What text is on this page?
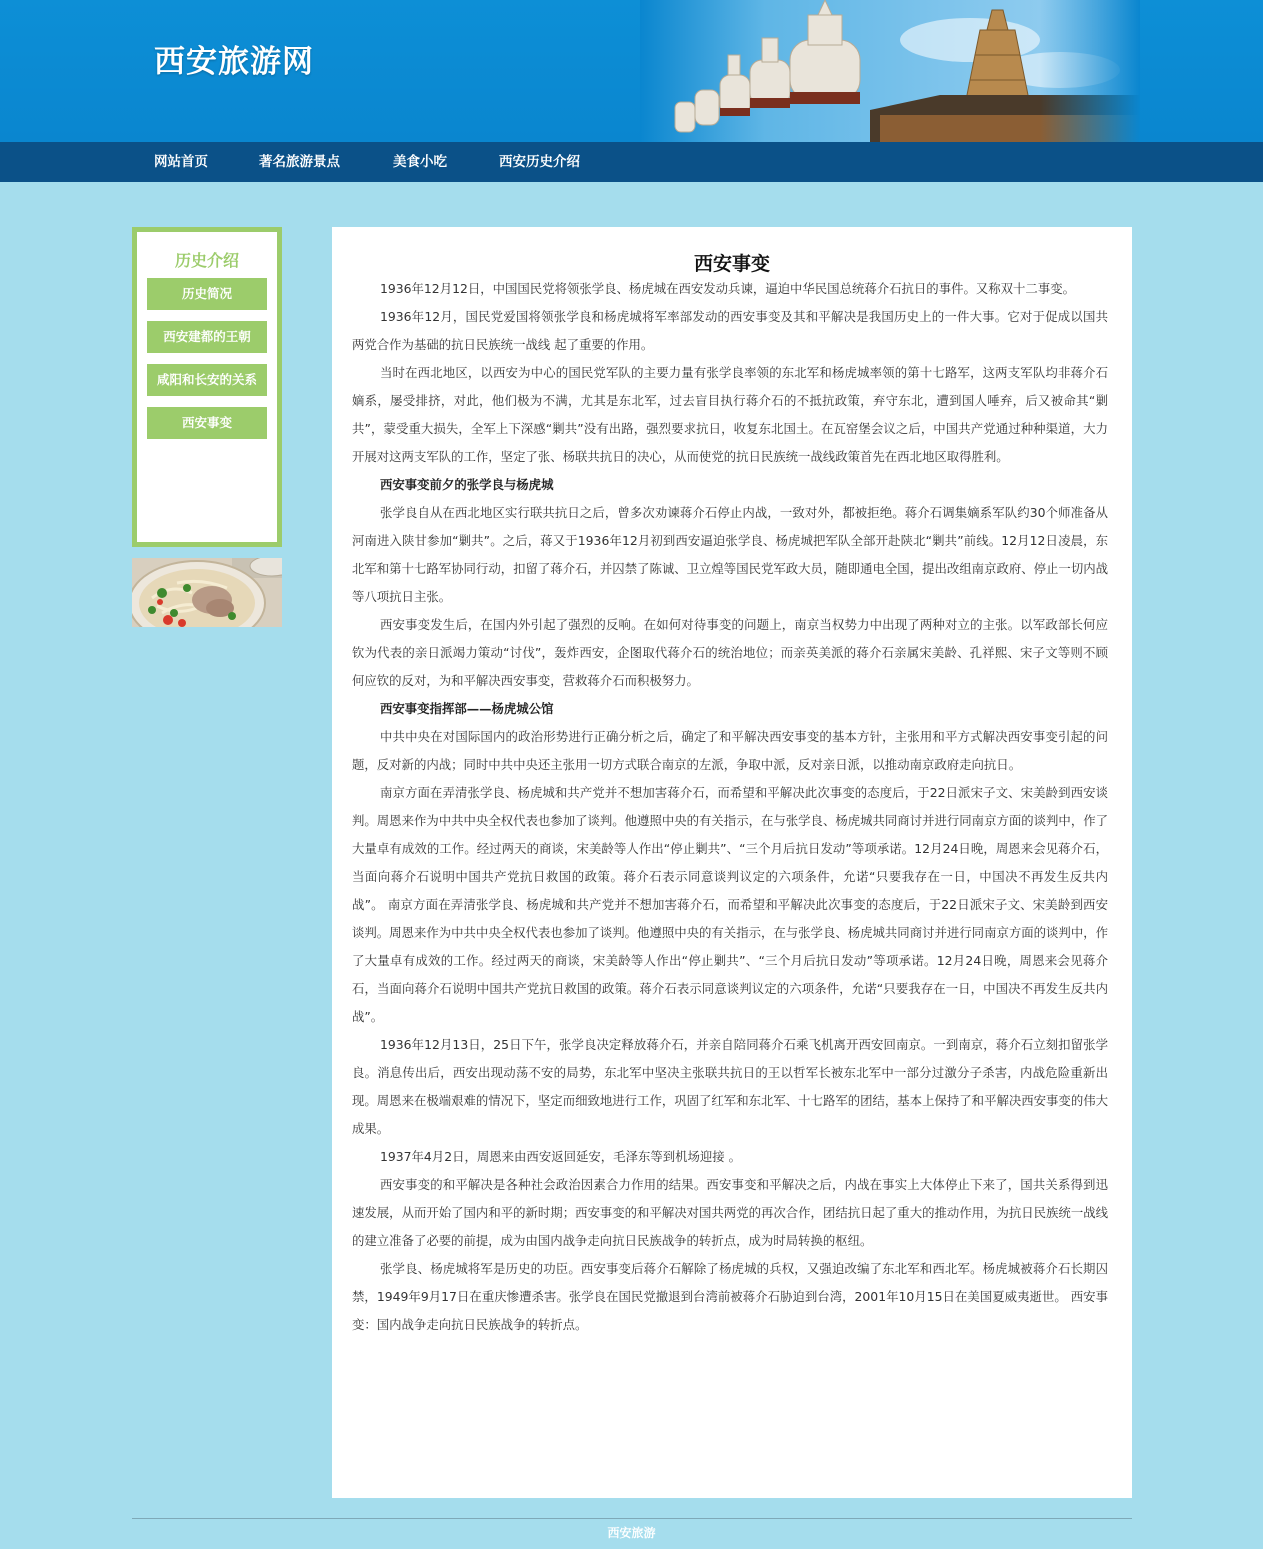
西安旅游网
网站首页	著名旅游景点	美食小吃	西安历史介绍
历史介绍
历史简况
西安建都的王朝
咸阳和长安的关系
西安事变
西安事变

1936年12月12日，中国国民党将领张学良、杨虎城在西安发动兵谏，逼迫中华民国总统蒋介石抗日的事件。又称双十二事变。

1936年12月，国民党爱国将领张学良和杨虎城将军率部发动的西安事变及其和平解决是我国历史上的一件大事。它对于促成以国共两党合作为基础的抗日民族统一战线 起了重要的作用。

当时在西北地区，以西安为中心的国民党军队的主要力量有张学良率领的东北军和杨虎城率领的第十七路军，这两支军队均非蒋介石嫡系，屡受排挤，对此，他们极为不满，尤其是东北军，过去盲目执行蒋介石的不抵抗政策，弃守东北，遭到国人唾弃，后又被命其“剿共”，蒙受重大损失，全军上下深感“剿共”没有出路，强烈要求抗日，收复东北国土。在瓦窑堡会议之后，中国共产党通过种种渠道，大力开展对这两支军队的工作，坚定了张、杨联共抗日的决心，从而使党的抗日民族统一战线政策首先在西北地区取得胜利。

西安事变前夕的张学良与杨虎城

张学良自从在西北地区实行联共抗日之后，曾多次劝谏蒋介石停止内战，一致对外，都被拒绝。蒋介石调集嫡系军队约30个师准备从河南进入陕甘参加“剿共”。之后，蒋又于1936年12月初到西安逼迫张学良、杨虎城把军队全部开赴陕北“剿共”前线。12月12日凌晨，东北军和第十七路军协同行动，扣留了蒋介石，并囚禁了陈诚、卫立煌等国民党军政大员，随即通电全国，提出改组南京政府、停止一切内战等八项抗日主张。

西安事变发生后，在国内外引起了强烈的反响。在如何对待事变的问题上，南京当权势力中出现了两种对立的主张。以军政部长何应钦为代表的亲日派竭力策动“讨伐”，轰炸西安，企图取代蒋介石的统治地位；而亲英美派的蒋介石亲属宋美龄、孔祥熙、宋子文等则不顾何应钦的反对，为和平解决西安事变，营救蒋介石而积极努力。

西安事变指挥部——杨虎城公馆

中共中央在对国际国内的政治形势进行正确分析之后，确定了和平解决西安事变的基本方针，主张用和平方式解决西安事变引起的问题，反对新的内战；同时中共中央还主张用一切方式联合南京的左派，争取中派，反对亲日派，以推动南京政府走向抗日。

南京方面在弄清张学良、杨虎城和共产党并不想加害蒋介石，而希望和平解决此次事变的态度后，于22日派宋子文、宋美龄到西安谈判。周恩来作为中共中央全权代表也参加了谈判。他遵照中央的有关指示，在与张学良、杨虎城共同商讨并进行同南京方面的谈判中，作了大量卓有成效的工作。经过两天的商谈，宋美龄等人作出“停止剿共”、“三个月后抗日发动”等项承诺。12月24日晚，周恩来会见蒋介石，当面向蒋介石说明中国共产党抗日救国的政策。蒋介石表示同意谈判议定的六项条件，允诺“只要我存在一日，中国决不再发生反共内战”。 南京方面在弄清张学良、杨虎城和共产党并不想加害蒋介石，而希望和平解决此次事变的态度后，于22日派宋子文、宋美龄到西安谈判。周恩来作为中共中央全权代表也参加了谈判。他遵照中央的有关指示，在与张学良、杨虎城共同商讨并进行同南京方面的谈判中，作了大量卓有成效的工作。经过两天的商谈，宋美龄等人作出“停止剿共”、“三个月后抗日发动”等项承诺。12月24日晚，周恩来会见蒋介石，当面向蒋介石说明中国共产党抗日救国的政策。蒋介石表示同意谈判议定的六项条件，允诺“只要我存在一日，中国决不再发生反共内战”。

1936年12月13日，25日下午，张学良决定释放蒋介石，并亲自陪同蒋介石乘飞机离开西安回南京。一到南京，蒋介石立刻扣留张学良。消息传出后，西安出现动荡不安的局势，东北军中坚决主张联共抗日的王以哲军长被东北军中一部分过激分子杀害，内战危险重新出现。周恩来在极端艰难的情况下，坚定而细致地进行工作，巩固了红军和东北军、十七路军的团结，基本上保持了和平解决西安事变的伟大成果。

1937年4月2日，周恩来由西安返回延安，毛泽东等到机场迎接 。

西安事变的和平解决是各种社会政治因素合力作用的结果。西安事变和平解决之后，内战在事实上大体停止下来了，国共关系得到迅速发展，从而开始了国内和平的新时期；西安事变的和平解决对国共两党的再次合作，团结抗日起了重大的推动作用，为抗日民族统一战线的建立准备了必要的前提，成为由国内战争走向抗日民族战争的转折点，成为时局转换的枢纽。

张学良、杨虎城将军是历史的功臣。西安事变后蒋介石解除了杨虎城的兵权，又强迫改编了东北军和西北军。杨虎城被蒋介石长期囚禁，1949年9月17日在重庆惨遭杀害。张学良在国民党撤退到台湾前被蒋介石胁迫到台湾，2001年10月15日在美国夏威夷逝世。 西安事变：国内战争走向抗日民族战争的转折点。

西安旅游
